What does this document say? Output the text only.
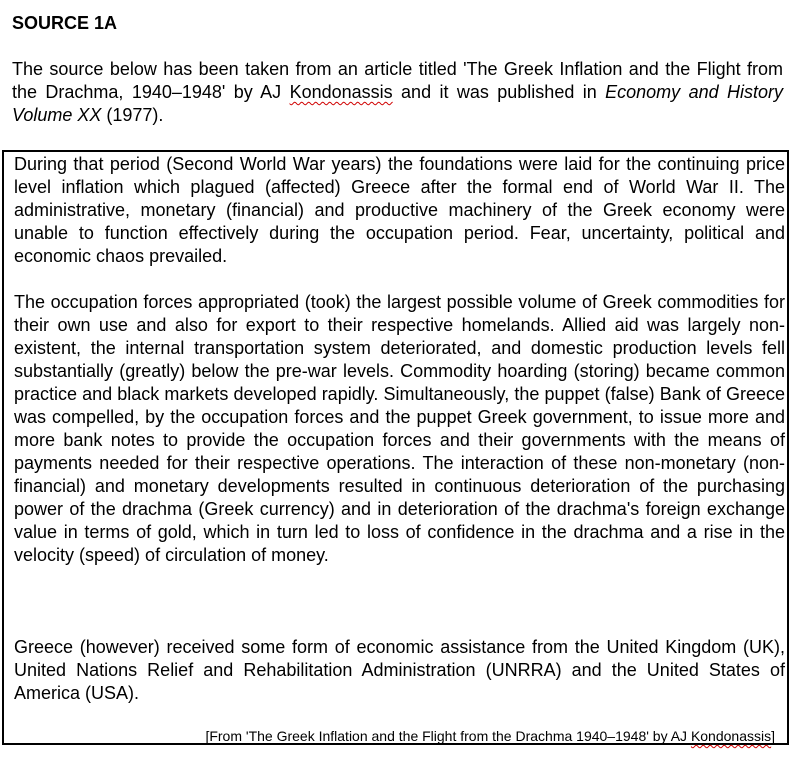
SOURCE 1A

The source below has been taken from an article titled 'The Greek Inflation and the Flight from the Drachma, 1940–1948' by AJ Kondonassis and it was published in Economy and History Volume XX (1977).

During that period (Second World War years) the foundations were laid for the continuing price level inflation which plagued (affected) Greece after the formal end of World War II. The administrative, monetary (financial) and productive machinery of the Greek economy were unable to function effectively during the occupation period. Fear, uncertainty, political and economic chaos prevailed.

The occupation forces appropriated (took) the largest possible volume of Greek commodities for their own use and also for export to their respective homelands. Allied aid was largely non-existent, the internal transportation system deteriorated, and domestic production levels fell substantially (greatly) below the pre-war levels. Commodity hoarding (storing) became common practice and black markets developed rapidly. Simultaneously, the puppet (false) Bank of Greece was compelled, by the occupation forces and the puppet Greek government, to issue more and more bank notes to provide the occupation forces and their governments with the means of payments needed for their respective operations. The interaction of these non-monetary (non-financial) and monetary developments resulted in continuous deterioration of the purchasing power of the drachma (Greek currency) and in deterioration of the drachma's foreign exchange value in terms of gold, which in turn led to loss of confidence in the drachma and a rise in the velocity (speed) of circulation of money.

Greece (however) received some form of economic assistance from the United Kingdom (UK), United Nations Relief and Rehabilitation Administration (UNRRA) and the United States of America (USA).

[From 'The Greek Inflation and the Flight from the Drachma 1940–1948' by AJ Kondonassis]
